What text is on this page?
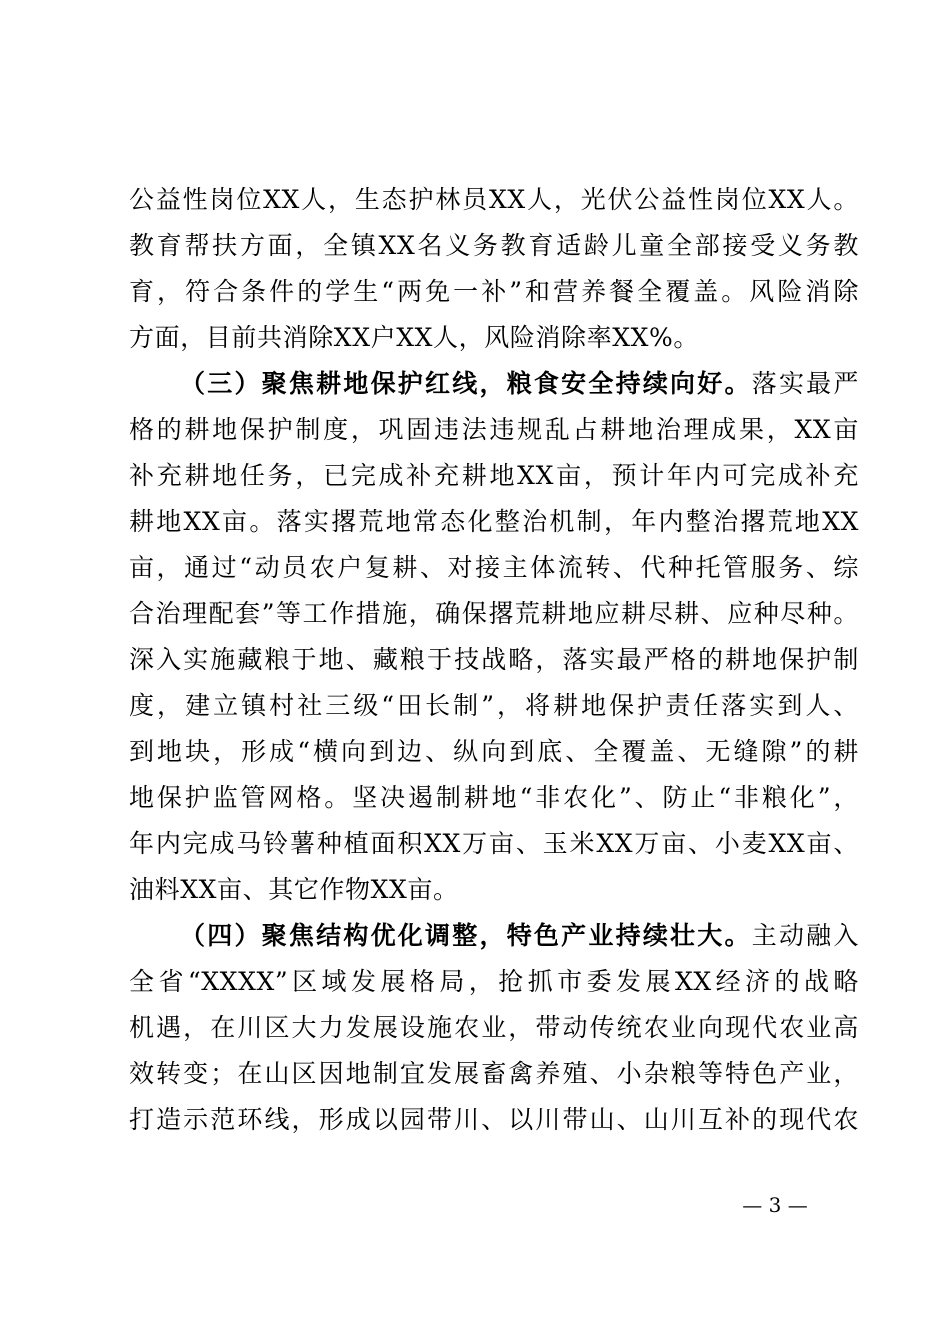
公益性岗位XX人，生态护林员XX人，光伏公益性岗位XX人。
教育帮扶方面，全镇XX名义务教育适龄儿童全部接受义务教
育，符合条件的学生“两免一补”和营养餐全覆盖。风险消除
方面，目前共消除XX户XX人，风险消除率XX%。
（三）聚焦耕地保护红线，粮食安全持续向好。落实最严
格的耕地保护制度，巩固违法违规乱占耕地治理成果，XX亩
补充耕地任务，已完成补充耕地XX亩，预计年内可完成补充
耕地XX亩。落实撂荒地常态化整治机制，年内整治撂荒地XX
亩，通过“动员农户复耕、对接主体流转、代种托管服务、综
合治理配套”等工作措施，确保撂荒耕地应耕尽耕、应种尽种。
深入实施藏粮于地、藏粮于技战略，落实最严格的耕地保护制
度，建立镇村社三级“田长制”，将耕地保护责任落实到人、
到地块，形成“横向到边、纵向到底、全覆盖、无缝隙”的耕
地保护监管网格。坚决遏制耕地“非农化”、防止“非粮化”，
年内完成马铃薯种植面积XX万亩、玉米XX万亩、小麦XX亩、
油料XX亩、其它作物XX亩。
（四）聚焦结构优化调整，特色产业持续壮大。主动融入
全省“XXXX”区域发展格局，抢抓市委发展XX经济的战略
机遇，在川区大力发展设施农业，带动传统农业向现代农业高
效转变；在山区因地制宜发展畜禽养殖、小杂粮等特色产业，
打造示范环线，形成以园带川、以川带山、山川互补的现代农
— 3 —
